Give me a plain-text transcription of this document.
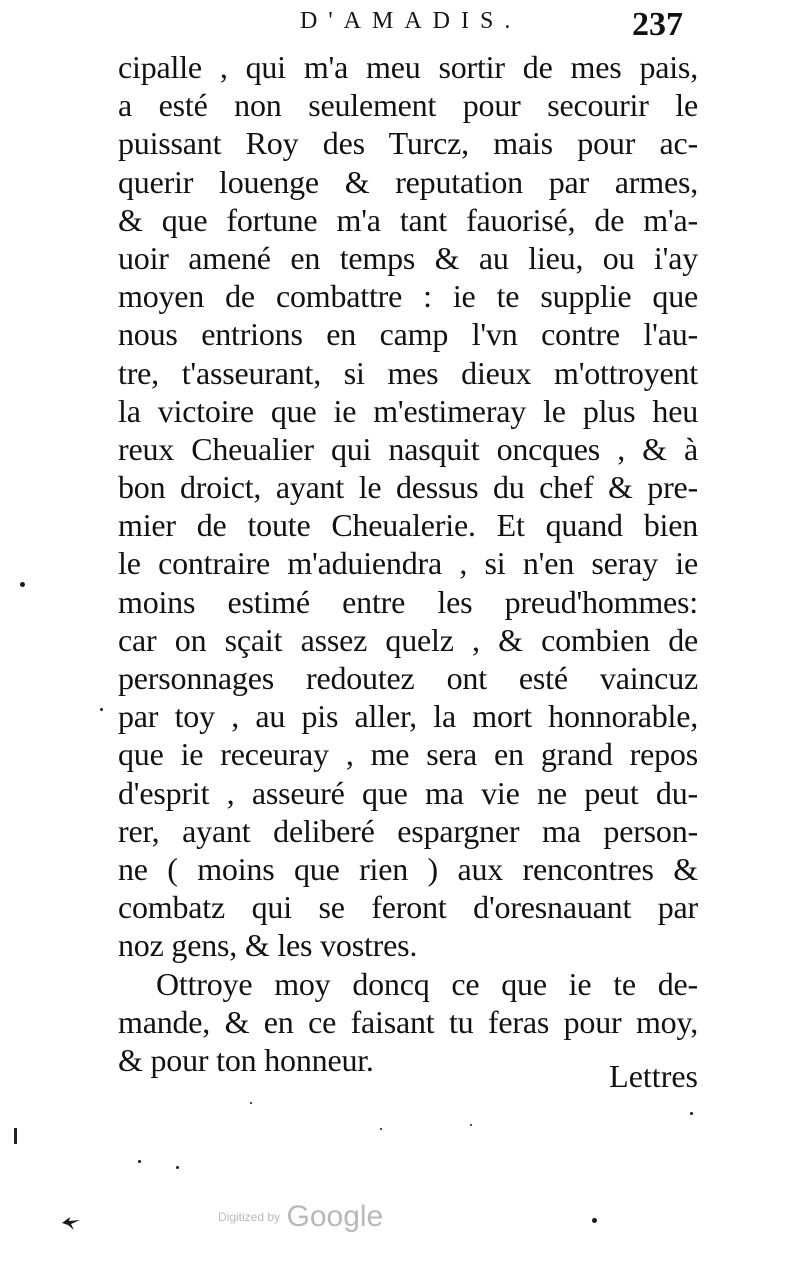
D'AMADIS.	237
cipalle , qui m'a meu sortir de mes pais,
a esté non seulement pour secourir le
puissant Roy des Turcz, mais pour ac-
querir louenge & reputation par armes,
& que fortune m'a tant fauorisé, de m'a-
uoir amené en temps & au lieu, ou i'ay
moyen de combattre : ie te supplie que
nous entrions en camp l'vn contre l'au-
tre, t'asseurant, si mes dieux m'ottroyent
la victoire que ie m'estimeray le plus heu
reux Cheualier qui nasquit oncques , & à
bon droict, ayant le dessus du chef & pre-
mier de toute Cheualerie. Et quand bien
le contraire m'aduiendra , si n'en seray ie
moins estimé entre les preud'hommes:
car on sçait assez quelz , & combien de
personnages redoutez ont esté vaincuz
par toy , au pis aller, la mort honnorable,
que ie receuray , me sera en grand repos
d'esprit , asseuré que ma vie ne peut du-
rer, ayant deliberé espargner ma person-
ne ( moins que rien ) aux rencontres &
combatz qui se feront d'oresnauant par
noz gens, & les vostres.
Ottroye moy doncq ce que ie te de-
mande, & en ce faisant tu feras pour moy,
& pour ton honneur.	Lettres
Digitized by Google
